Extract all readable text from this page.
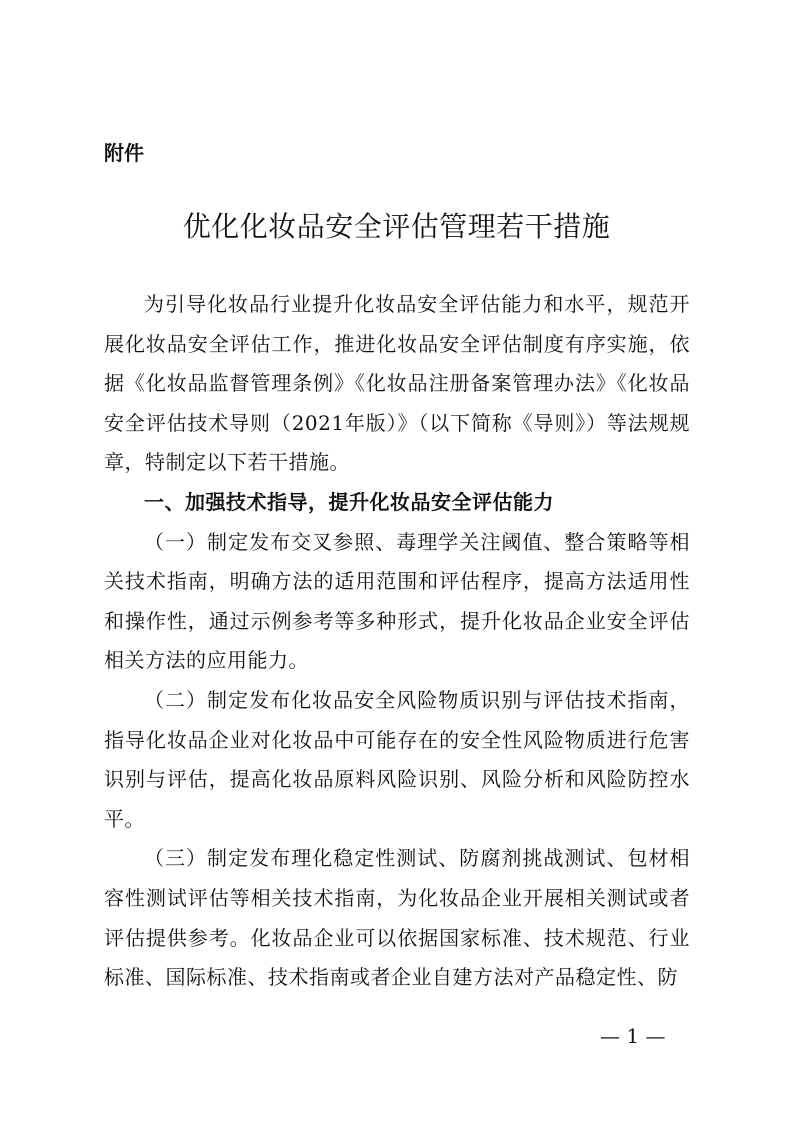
附件

优化化妆品安全评估管理若干措施

为引导化妆品行业提升化妆品安全评估能力和水平，规范开展化妆品安全评估工作，推进化妆品安全评估制度有序实施，依据《化妆品监督管理条例》《化妆品注册备案管理办法》《化妆品安全评估技术导则（2021年版）》（以下简称《导则》）等法规规章，特制定以下若干措施。

一、加强技术指导，提升化妆品安全评估能力

（一）制定发布交叉参照、毒理学关注阈值、整合策略等相关技术指南，明确方法的适用范围和评估程序，提高方法适用性和操作性，通过示例参考等多种形式，提升化妆品企业安全评估相关方法的应用能力。

（二）制定发布化妆品安全风险物质识别与评估技术指南，指导化妆品企业对化妆品中可能存在的安全性风险物质进行危害识别与评估，提高化妆品原料风险识别、风险分析和风险防控水平。

（三）制定发布理化稳定性测试、防腐剂挑战测试、包材相容性测试评估等相关技术指南，为化妆品企业开展相关测试或者评估提供参考。化妆品企业可以依据国家标准、技术规范、行业标准、国际标准、技术指南或者企业自建方法对产品稳定性、防

— 1 —
